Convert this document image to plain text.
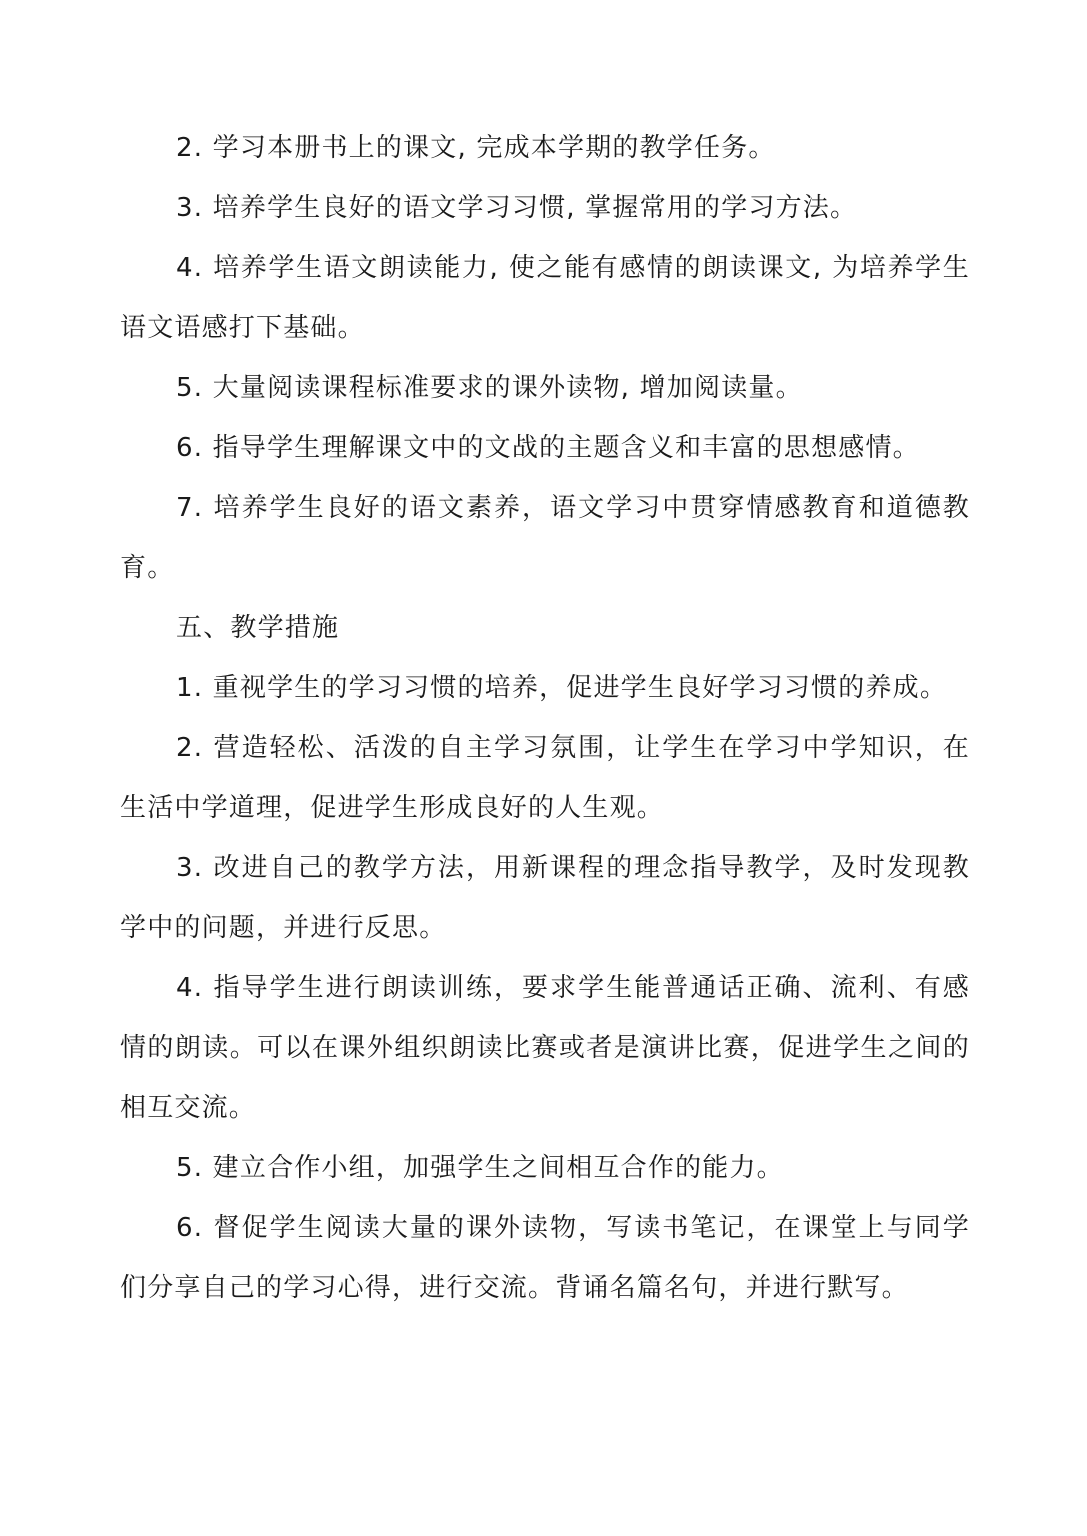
2. 学习本册书上的课文, 完成本学期的教学任务。

3. 培养学生良好的语文学习习惯, 掌握常用的学习方法。

4. 培养学生语文朗读能力, 使之能有感情的朗读课文, 为培养学生语文语感打下基础。

5. 大量阅读课程标准要求的课外读物, 增加阅读量。

6. 指导学生理解课文中的文战的主题含义和丰富的思想感情。

7. 培养学生良好的语文素养，语文学习中贯穿情感教育和道德教育。

五、教学措施

1. 重视学生的学习习惯的培养，促进学生良好学习习惯的养成。

2. 营造轻松、活泼的自主学习氛围，让学生在学习中学知识，在生活中学道理，促进学生形成良好的人生观。

3. 改进自己的教学方法，用新课程的理念指导教学，及时发现教学中的问题，并进行反思。

4. 指导学生进行朗读训练，要求学生能普通话正确、流利、有感情的朗读。可以在课外组织朗读比赛或者是演讲比赛，促进学生之间的相互交流。

5. 建立合作小组，加强学生之间相互合作的能力。

6. 督促学生阅读大量的课外读物，写读书笔记，在课堂上与同学们分享自己的学习心得，进行交流。背诵名篇名句，并进行默写。
